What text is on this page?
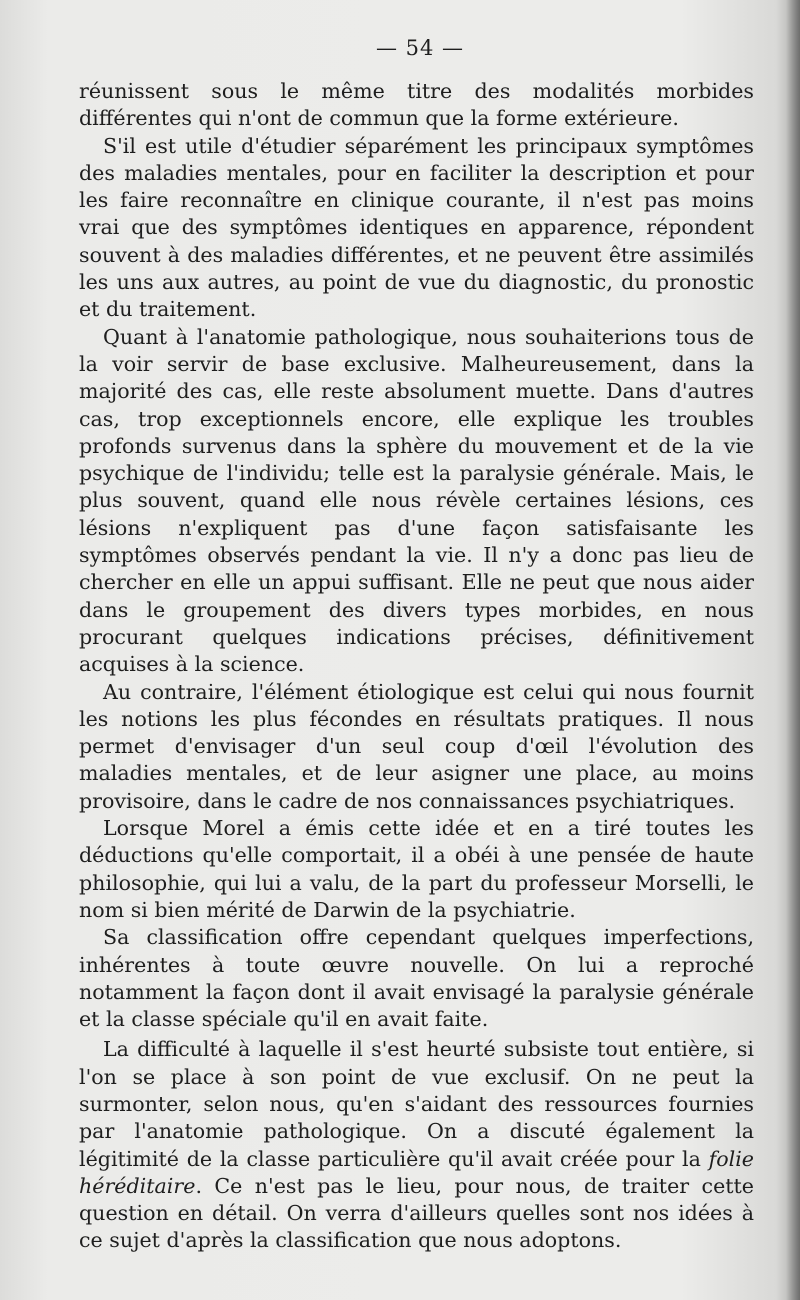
— 54 —

réunissent sous le même titre des modalités morbides différentes qui n'ont de commun que la forme extérieure.

S'il est utile d'étudier séparément les principaux symptômes des maladies mentales, pour en faciliter la description et pour les faire reconnaître en clinique courante, il n'est pas moins vrai que des symptômes identiques en apparence, répondent souvent à des maladies différentes, et ne peuvent être assimilés les uns aux autres, au point de vue du diagnostic, du pronostic et du traitement.

Quant à l'anatomie pathologique, nous souhaiterions tous de la voir servir de base exclusive. Malheureusement, dans la majorité des cas, elle reste absolument muette. Dans d'autres cas, trop exceptionnels encore, elle explique les troubles profonds survenus dans la sphère du mouvement et de la vie psychique de l'individu; telle est la paralysie générale. Mais, le plus souvent, quand elle nous révèle certaines lésions, ces lésions n'expliquent pas d'une façon satisfaisante les symptômes observés pendant la vie. Il n'y a donc pas lieu de chercher en elle un appui suffisant. Elle ne peut que nous aider dans le groupement des divers types morbides, en nous procurant quelques indications précises, définitivement acquises à la science.

Au contraire, l'élément étiologique est celui qui nous fournit les notions les plus fécondes en résultats pratiques. Il nous permet d'envisager d'un seul coup d'œil l'évolution des maladies mentales, et de leur asigner une place, au moins provisoire, dans le cadre de nos connaissances psychiatriques.

Lorsque Morel a émis cette idée et en a tiré toutes les déductions qu'elle comportait, il a obéi à une pensée de haute philosophie, qui lui a valu, de la part du professeur Morselli, le nom si bien mérité de Darwin de la psychiatrie.

Sa classification offre cependant quelques imperfections, inhérentes à toute œuvre nouvelle. On lui a reproché notamment la façon dont il avait envisagé la paralysie générale et la classe spéciale qu'il en avait faite.

La difficulté à laquelle il s'est heurté subsiste tout entière, si l'on se place à son point de vue exclusif. On ne peut la surmonter, selon nous, qu'en s'aidant des ressources fournies par l'anatomie pathologique. On a discuté également la légitimité de la classe particulière qu'il avait créée pour la folie héréditaire. Ce n'est pas le lieu, pour nous, de traiter cette question en détail. On verra d'ailleurs quelles sont nos idées à ce sujet d'après la classification que nous adoptons.
